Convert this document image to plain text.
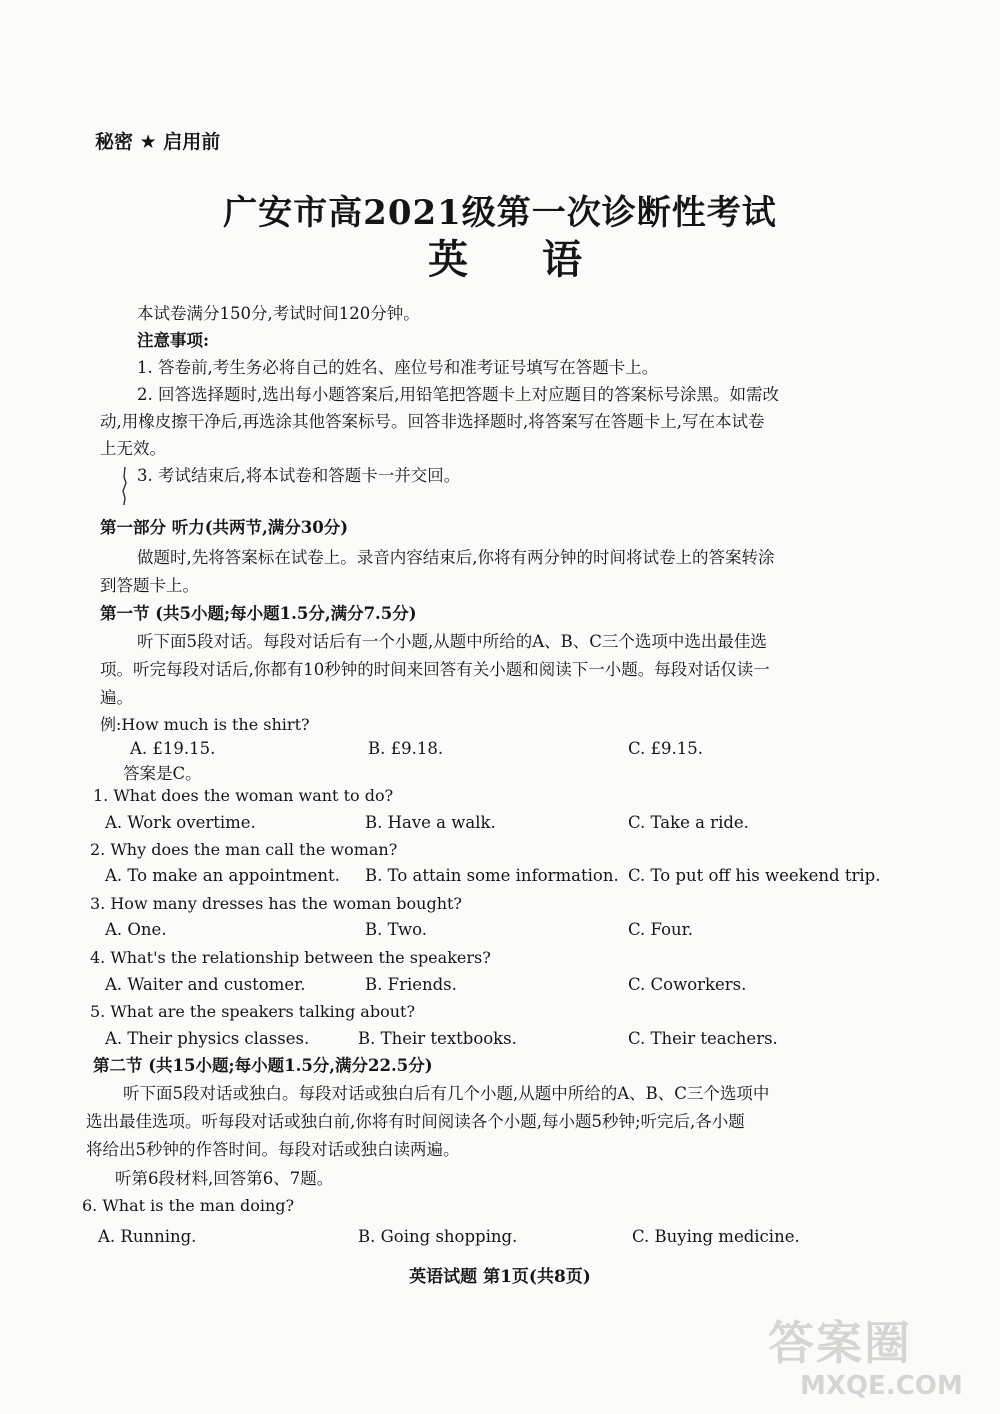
秘密 ★ 启用前
广安市高2021级第一次诊断性考试
英 语
本试卷满分150分,考试时间120分钟。
注意事项:
1. 答卷前,考生务必将自己的姓名、座位号和准考证号填写在答题卡上。
2. 回答选择题时,选出每小题答案后,用铅笔把答题卡上对应题目的答案标号涂黑。如需改
动,用橡皮擦干净后,再选涂其他答案标号。回答非选择题时,将答案写在答题卡上,写在本试卷
上无效。
3. 考试结束后,将本试卷和答题卡一并交回。
第一部分 听力(共两节,满分30分)
做题时,先将答案标在试卷上。录音内容结束后,你将有两分钟的时间将试卷上的答案转涂
到答题卡上。
第一节 (共5小题;每小题1.5分,满分7.5分)
听下面5段对话。每段对话后有一个小题,从题中所给的A、B、C三个选项中选出最佳选
项。听完每段对话后,你都有10秒钟的时间来回答有关小题和阅读下一小题。每段对话仅读一
遍。
例:How much is the shirt?
A. £19.15.	B. £9.18.	C. £9.15.
答案是C。
1. What does the woman want to do?
A. Work overtime.	B. Have a walk.	C. Take a ride.
2. Why does the man call the woman?
A. To make an appointment. B. To attain some information. C. To put off his weekend trip.
3. How many dresses has the woman bought?
A. One.	B. Two.	C. Four.
4. What's the relationship between the speakers?
A. Waiter and customer.	B. Friends.	C. Coworkers.
5. What are the speakers talking about?
A. Their physics classes.	B. Their textbooks.	C. Their teachers.
第二节 (共15小题;每小题1.5分,满分22.5分)
听下面5段对话或独白。每段对话或独白后有几个小题,从题中所给的A、B、C三个选项中
选出最佳选项。听每段对话或独白前,你将有时间阅读各个小题,每小题5秒钟;听完后,各小题
将给出5秒钟的作答时间。每段对话或独白读两遍。
听第6段材料,回答第6、7题。
6. What is the man doing?
A. Running.	B. Going shopping.	C. Buying medicine.
英语试题 第1页(共8页)
答案圈
MXQE.COM
